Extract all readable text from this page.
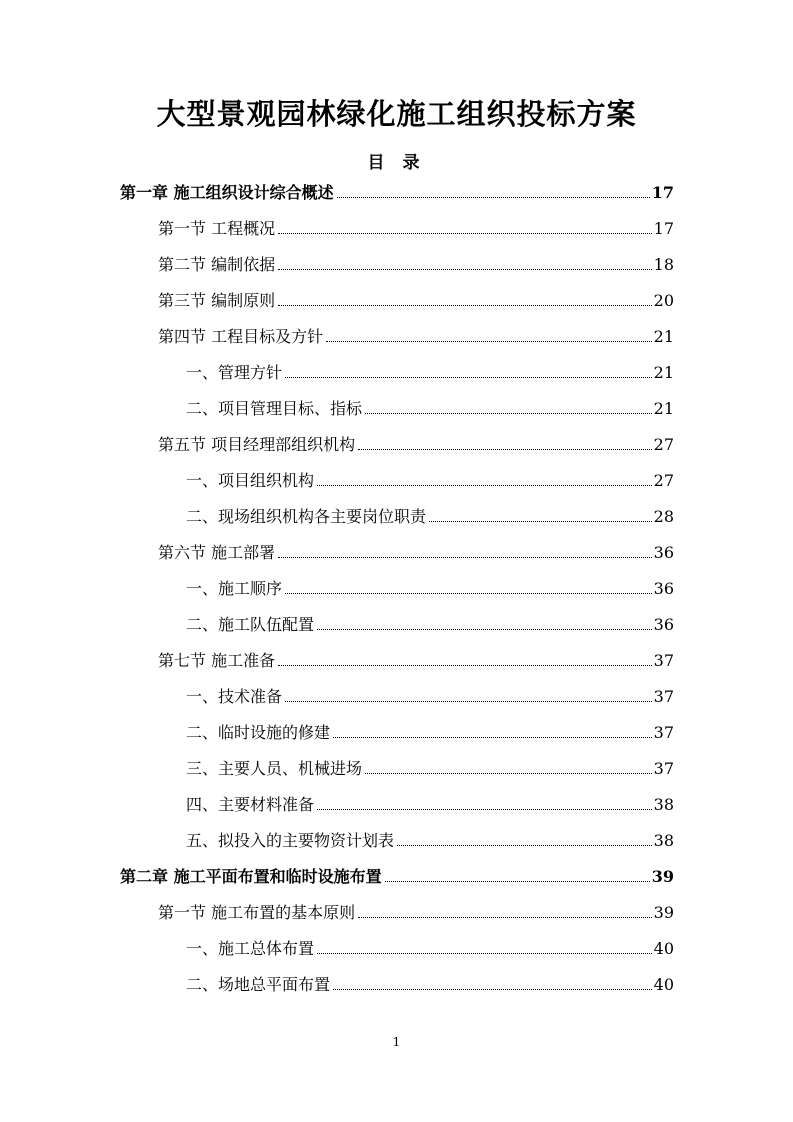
大型景观园林绿化施工组织投标方案
目 录
第一章 施工组织设计综合概述	17
第一节 工程概况	17
第二节 编制依据	18
第三节 编制原则	20
第四节 工程目标及方针	21
一、管理方针	21
二、项目管理目标、指标	21
第五节 项目经理部组织机构	27
一、项目组织机构	27
二、现场组织机构各主要岗位职责	28
第六节 施工部署	36
一、施工顺序	36
二、施工队伍配置	36
第七节 施工准备	37
一、技术准备	37
二、临时设施的修建	37
三、主要人员、机械进场	37
四、主要材料准备	38
五、拟投入的主要物资计划表	38
第二章 施工平面布置和临时设施布置	39
第一节 施工布置的基本原则	39
一、施工总体布置	40
二、场地总平面布置	40
1
